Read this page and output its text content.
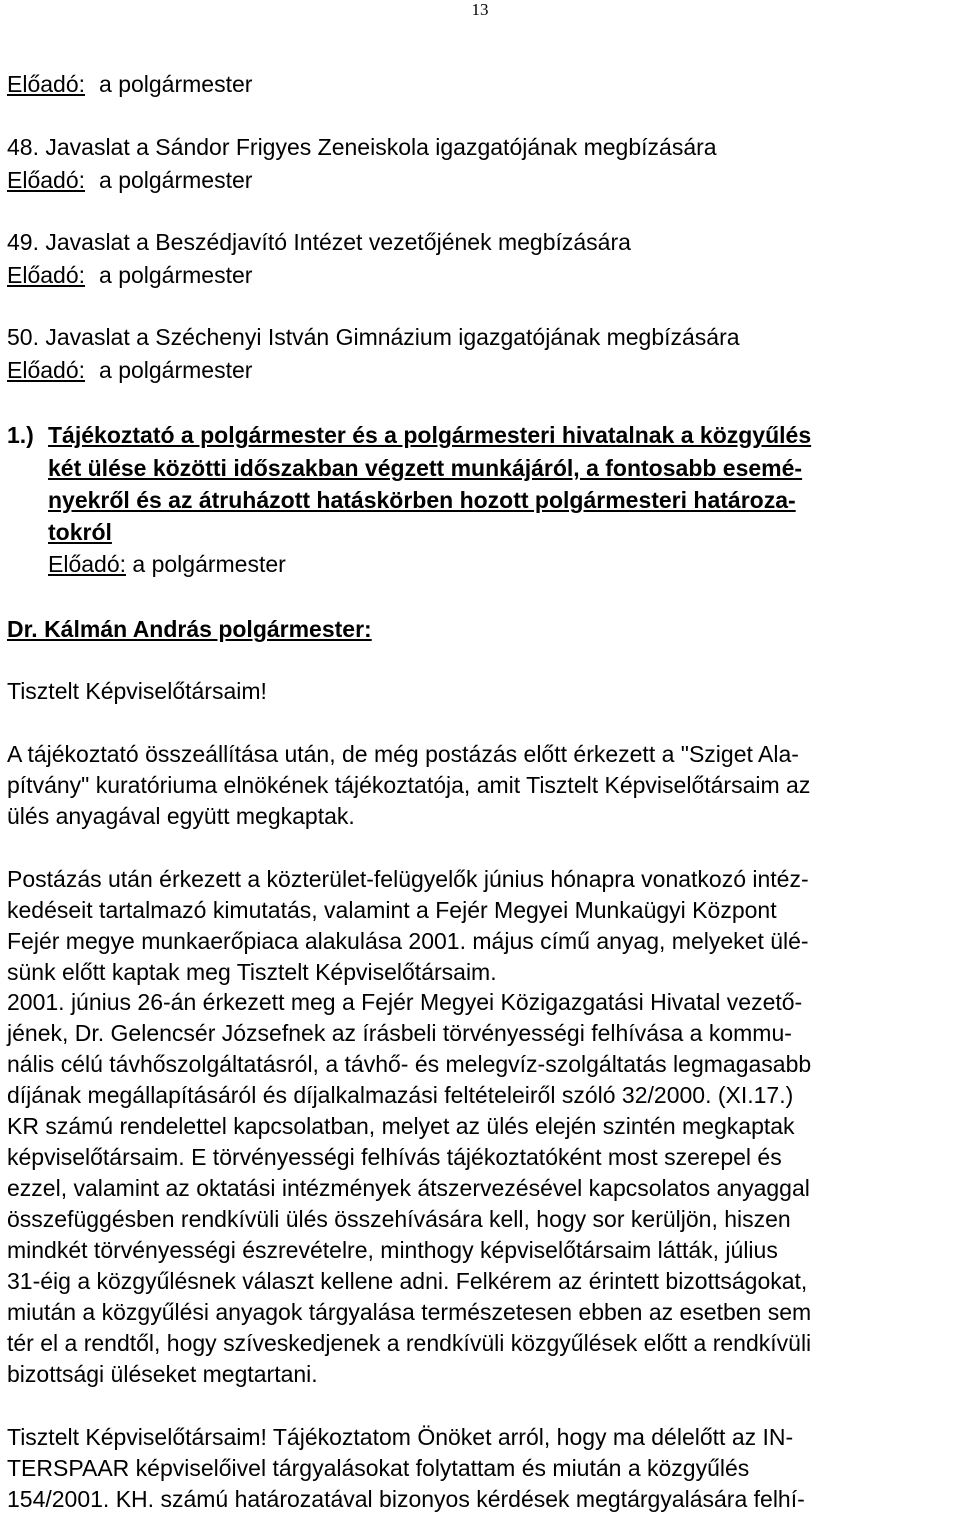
13
Előadó: a polgármester
48. Javaslat a Sándor Frigyes Zeneiskola igazgatójának megbízására
Előadó: a polgármester
49. Javaslat a Beszédjavító Intézet vezetőjének megbízására
Előadó: a polgármester
50. Javaslat a Széchenyi István Gimnázium igazgatójának megbízására
Előadó: a polgármester
1.) Tájékoztató a polgármester és a polgármesteri hivatalnak a közgyűlés
két ülése közötti időszakban végzett munkájáról, a fontosabb esemé-
nyekről és az átruházott hatáskörben hozott polgármesteri határoza-
tokról
Előadó: a polgármester
Dr. Kálmán András polgármester:
Tisztelt Képviselőtársaim!
A tájékoztató összeállítása után, de még postázás előtt érkezett a "Sziget Ala-
pítvány" kuratóriuma elnökének tájékoztatója, amit Tisztelt Képviselőtársaim az
ülés anyagával együtt megkaptak.
Postázás után érkezett a közterület-felügyelők június hónapra vonatkozó intéz-
kedéseit tartalmazó kimutatás, valamint a Fejér Megyei Munkaügyi Központ
Fejér megye munkaerőpiaca alakulása 2001. május című anyag, melyeket ülé-
sünk előtt kaptak meg Tisztelt Képviselőtársaim.
2001. június 26-án érkezett meg a Fejér Megyei Közigazgatási Hivatal vezető-
jének, Dr. Gelencsér Józsefnek az írásbeli törvényességi felhívása a kommu-
nális célú távhőszolgáltatásról, a távhő- és melegvíz-szolgáltatás legmagasabb
díjának megállapításáról és díjalkalmazási feltételeiről szóló 32/2000. (XI.17.)
KR számú rendelettel kapcsolatban, melyet az ülés elején szintén megkaptak
képviselőtársaim. E törvényességi felhívás tájékoztatóként most szerepel és
ezzel, valamint az oktatási intézmények átszervezésével kapcsolatos anyaggal
összefüggésben rendkívüli ülés összehívására kell, hogy sor kerüljön, hiszen
mindkét törvényességi észrevételre, minthogy képviselőtársaim látták, július
31-éig a közgyűlésnek választ kellene adni. Felkérem az érintett bizottságokat,
miután a közgyűlési anyagok tárgyalása természetesen ebben az esetben sem
tér el a rendtől, hogy szíveskedjenek a rendkívüli közgyűlések előtt a rendkívüli
bizottsági üléseket megtartani.
Tisztelt Képviselőtársaim! Tájékoztatom Önöket arról, hogy ma délelőtt az IN-
TERSPAAR képviselőivel tárgyalásokat folytattam és miután a közgyűlés
154/2001. KH. számú határozatával bizonyos kérdések megtárgyalására felhí-
